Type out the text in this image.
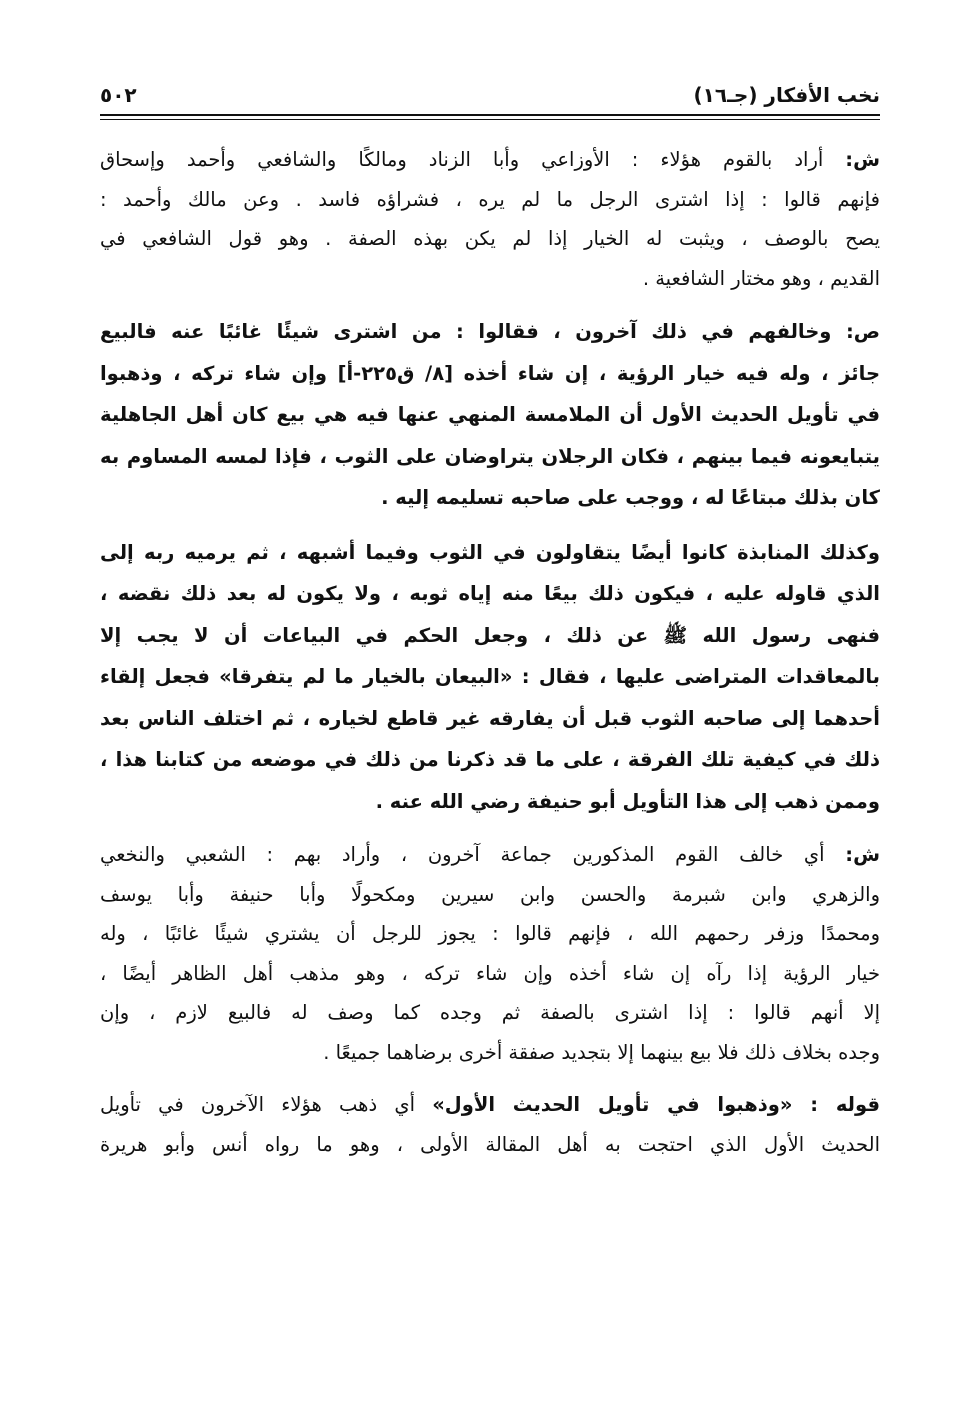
نخب الأفكار (جـ١٦)
٥٠٢
ش: أراد بالقوم هؤلاء : الأوزاعي وأبا الزناد ومالكًا والشافعي وأحمد وإسحاق
فإنهم قالوا : إذا اشترى الرجل ما لم يره ، فشراؤه فاسد . وعن مالك وأحمد :
يصح بالوصف ، ويثبت له الخيار إذا لم يكن بهذه الصفة . وهو قول الشافعي في
القديم ، وهو مختار الشافعية .
ص: وخالفهم في ذلك آخرون ، فقالوا : من اشترى شيئًا غائبًا عنه فالبيع
جائز ، وله فيه خيار الرؤية ، إن شاء أخذه [٨/ ق٢٢٥-أ] وإن شاء تركه ، وذهبوا
في تأويل الحديث الأول أن الملامسة المنهي عنها فيه هي بيع كان أهل الجاهلية
يتبايعونه فيما بينهم ، فكان الرجلان يتراوضان على الثوب ، فإذا لمسه المساوم به
كان بذلك مبتاعًا له ، ووجب على صاحبه تسليمه إليه .
وكذلك المنابذة كانوا أيضًا يتقاولون في الثوب وفيما أشبهه ، ثم يرميه ربه إلى
الذي قاوله عليه ، فيكون ذلك بيعًا منه إياه ثوبه ، ولا يكون له بعد ذلك نقضه ،
فنهى رسول الله ﷺ عن ذلك ، وجعل الحكم في البياعات أن لا يجب إلا
بالمعاقدات المتراضى عليها ، فقال : «البيعان بالخيار ما لم يتفرقا» فجعل إلقاء
أحدهما إلى صاحبه الثوب قبل أن يفارقه غير قاطع لخياره ، ثم اختلف الناس بعد
ذلك في كيفية تلك الفرقة ، على ما قد ذكرنا من ذلك في موضعه من كتابنا هذا ،
وممن ذهب إلى هذا التأويل أبو حنيفة رضي الله عنه .
ش: أي خالف القوم المذكورين جماعة آخرون ، وأراد بهم : الشعبي والنخعي
والزهري وابن شبرمة والحسن وابن سيرين ومكحولًا وأبا حنيفة وأبا يوسف
ومحمدًا وزفر رحمهم الله ، فإنهم قالوا : يجوز للرجل أن يشتري شيئًا غائبًا ، وله
خيار الرؤية إذا رآه إن شاء أخذه وإن شاء تركه ، وهو مذهب أهل الظاهر أيضًا ،
إلا أنهم قالوا : إذا اشترى بالصفة ثم وجده كما وصف له فالبيع لازم ، وإن
وجده بخلاف ذلك فلا بيع بينهما إلا بتجديد صفقة أخرى برضاهما جميعًا .
قوله : «وذهبوا في تأويل الحديث الأول» أي ذهب هؤلاء الآخرون في تأويل
الحديث الأول الذي احتجت به أهل المقالة الأولى ، وهو ما رواه أنس وأبو هريرة
